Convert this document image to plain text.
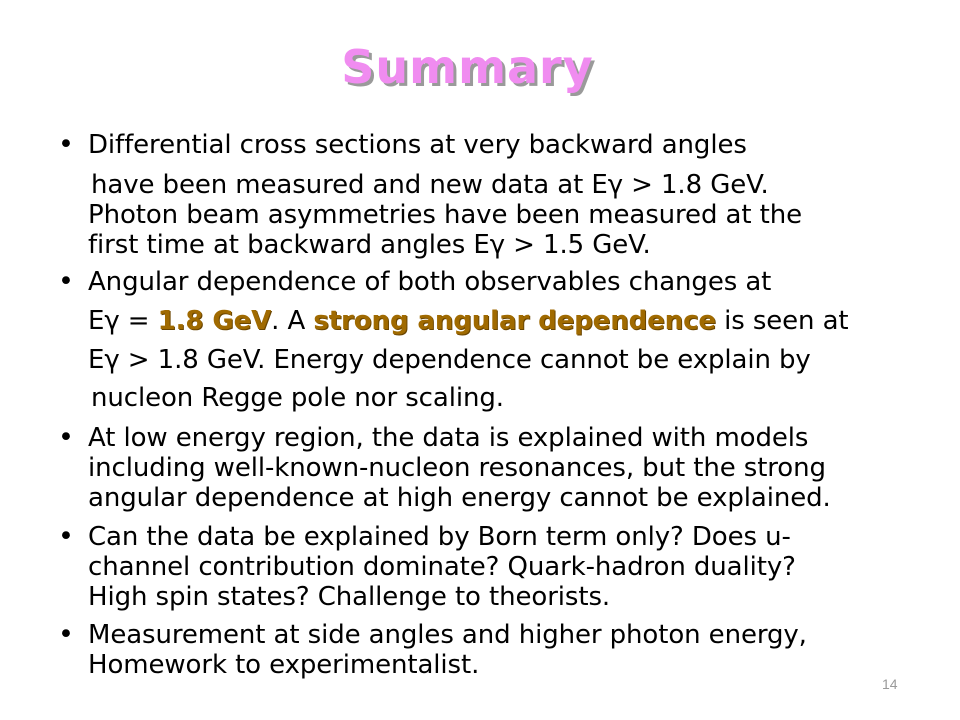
Summary
• Differential cross sections at very backward angles
have been measured and new data at Eγ > 1.8 GeV.
Photon beam asymmetries have been measured at the
first time at backward angles Eγ > 1.5 GeV.
• Angular dependence of both observables changes at
Eγ = 1.8 GeV. A strong angular dependence is seen at
Eγ > 1.8 GeV. Energy dependence cannot be explain by
nucleon Regge pole nor scaling.
• At low energy region, the data is explained with models
including well-known-nucleon resonances, but the strong
angular dependence at high energy cannot be explained.
• Can the data be explained by Born term only? Does u-
channel contribution dominate? Quark-hadron duality?
High spin states? Challenge to theorists.
• Measurement at side angles and higher photon energy,
Homework to experimentalist.
14
